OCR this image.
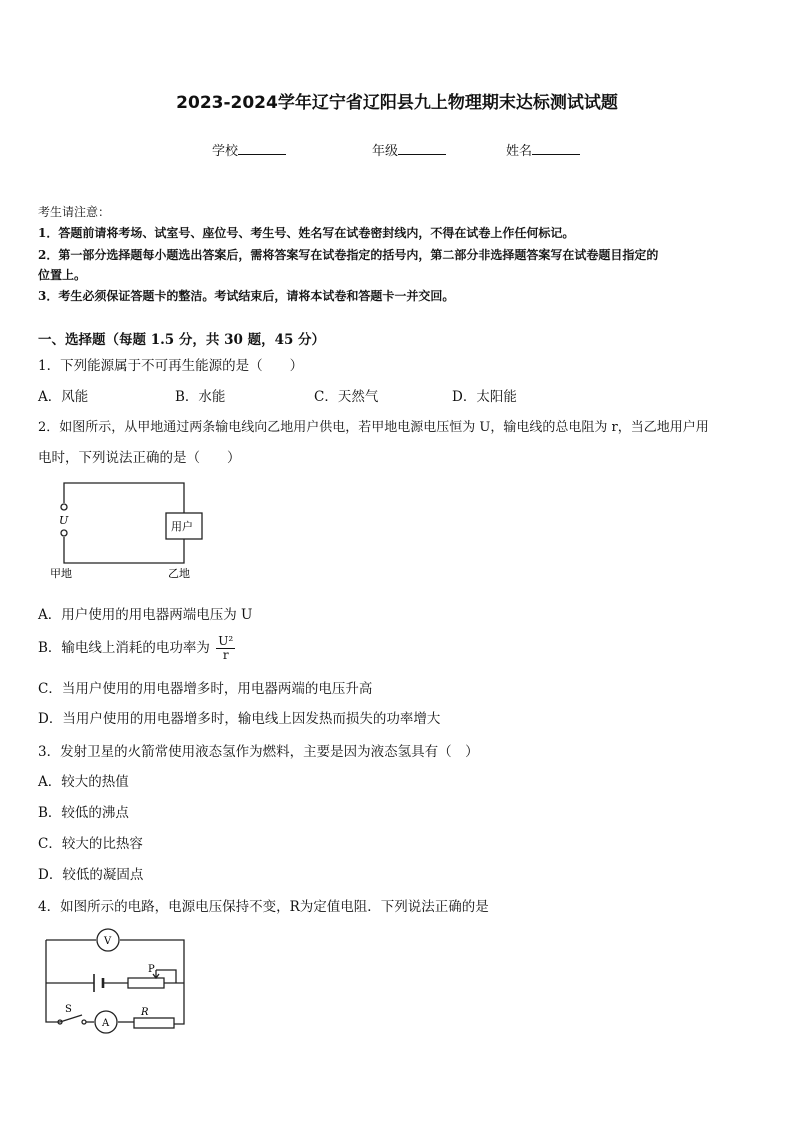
2023-2024学年辽宁省辽阳县九上物理期末达标测试试题
学校	年级	姓名
考生请注意：
1．答题前请将考场、试室号、座位号、考生号、姓名写在试卷密封线内，不得在试卷上作任何标记。
2．第一部分选择题每小题选出答案后，需将答案写在试卷指定的括号内，第二部分非选择题答案写在试卷题目指定的
位置上。
3．考生必须保证答题卡的整洁。考试结束后，请将本试卷和答题卡一并交回。
一、选择题（每题 1.5 分，共 30 题，45 分）
1．下列能源属于不可再生能源的是（　　）
A．风能	B．水能	C．天然气	D．太阳能
2．如图所示，从甲地通过两条输电线向乙地用户供电，若甲地电源电压恒为 U，输电线的总电阻为 r，当乙地用户用
电时，下列说法正确的是（　　）
U	用户
甲地	乙地
A．用户使用的用电器两端电压为 U
B．输电线上消耗的电功率为 $\frac{\text{U²}}{r}$
C．当用户使用的用电器增多时，用电器两端的电压升高
D．当用户使用的用电器增多时，输电线上因发热而损失的功率增大
3．发射卫星的火箭常使用液态氢作为燃料，主要是因为液态氢具有（　）
A．较大的热值
B．较低的沸点
C．较大的比热容
D．较低的凝固点
4．如图所示的电路，电源电压保持不变，R为定值电阻．下列说法正确的是
V
A
P
S	R
